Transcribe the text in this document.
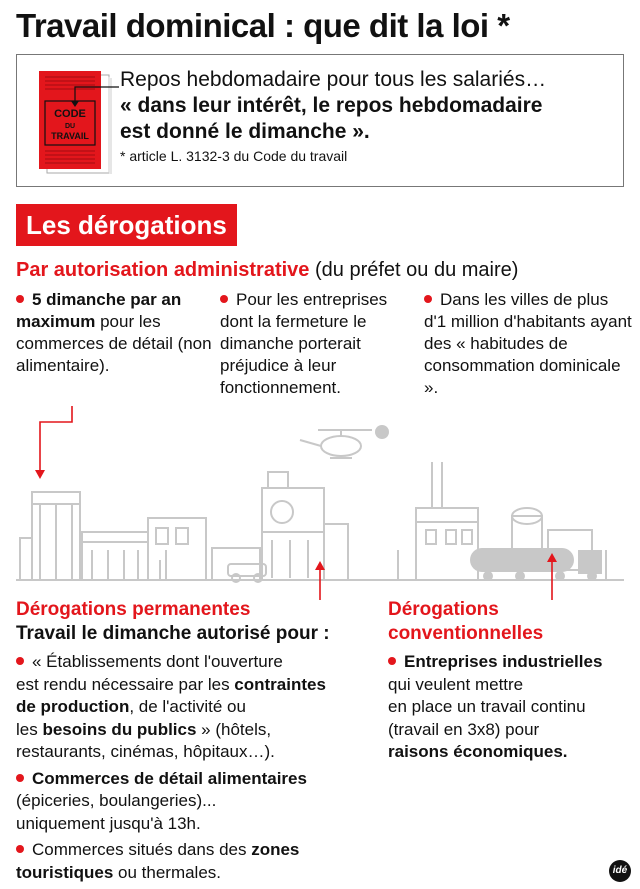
Travail dominical : que dit la loi *
CODE
DU
TRAVAIL
Repos hebdomadaire pour tous les salariés…
« dans leur intérêt, le repos hebdomadaire
est donné le dimanche ».
* article L. 3132-3 du Code du travail
Les dérogations
Par autorisation administrative (du préfet ou du maire)
5 dimanche par an maximum pour les commerces de détail (non alimentaire).
Pour les entreprises dont la fermeture le dimanche porterait préjudice à leur fonctionnement.
Dans les villes de plus d'1 million d'habitants ayant des « habitudes de consommation dominicale ».
Dérogations permanentes
Travail le dimanche autorisé pour :
Dérogations
conventionnelles
« Établissements dont l'ouverture
est rendu nécessaire par les contraintes
de production, de l'activité ou
les besoins du publics » (hôtels,
restaurants, cinémas, hôpitaux…).
Commerces de détail alimentaires
(épiceries, boulangeries)...
uniquement jusqu'à 13h.
Commerces situés dans des zones
touristiques ou thermales.
Entreprises industrielles
qui veulent mettre
en place un travail continu
(travail en 3x8) pour
raisons économiques.
idé
